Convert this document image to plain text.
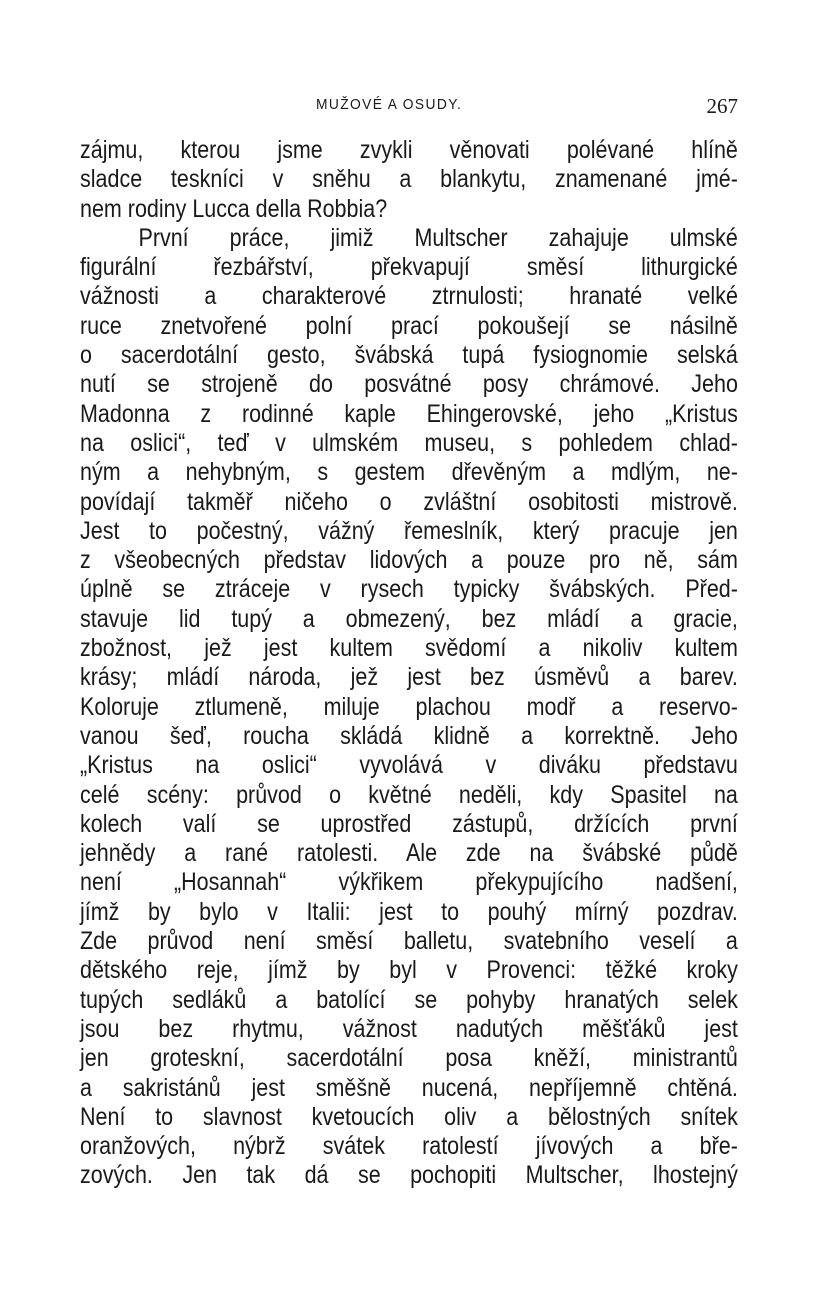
MUŽOVÉ A OSUDY.	267
zájmu, kterou jsme zvykli věnovati polévané hlíně
sladce teskníci v sněhu a blankytu, znamenané jmé-
nem rodiny Lucca della Robbia?
První práce, jimiž Multscher zahajuje ulmské
figurální řezbářství, překvapují směsí lithurgické
vážnosti a charakterové ztrnulosti; hranaté velké
ruce znetvořené polní prací pokoušejí se násilně
o sacerdotální gesto, švábská tupá fysiognomie selská
nutí se strojeně do posvátné posy chrámové. Jeho
Madonna z rodinné kaple Ehingerovské, jeho „Kristus
na oslici“, teď v ulmském museu, s pohledem chlad-
ným a nehybným, s gestem dřevěným a mdlým, ne-
povídají takměř ničeho o zvláštní osobitosti mistrově.
Jest to počestný, vážný řemeslník, který pracuje jen
z všeobecných představ lidových a pouze pro ně, sám
úplně se ztráceje v rysech typicky švábských. Před-
stavuje lid tupý a obmezený, bez mládí a gracie,
zbožnost, jež jest kultem svědomí a nikoliv kultem
krásy; mládí národa, jež jest bez úsměvů a barev.
Koloruje ztlumeně, miluje plachou modř a reservo-
vanou šeď, roucha skládá klidně a korrektně. Jeho
„Kristus na oslici“ vyvolává v diváku představu
celé scény: průvod o květné neděli, kdy Spasitel na
kolech valí se uprostřed zástupů, držících první
jehnědy a rané ratolesti. Ale zde na švábské půdě
není „Hosannah“ výkřikem překypujícího nadšení,
jímž by bylo v Italii: jest to pouhý mírný pozdrav.
Zde průvod není směsí balletu, svatebního veselí a
dětského reje, jímž by byl v Provenci: těžké kroky
tupých sedláků a batolící se pohyby hranatých selek
jsou bez rhytmu, vážnost nadutých měšťáků jest
jen groteskní, sacerdotální posa kněží, ministrantů
a sakristánů jest směšně nucená, nepříjemně chtěná.
Není to slavnost kvetoucích oliv a bělostných snítek
oranžových, nýbrž svátek ratolestí jívových a bře-
zových. Jen tak dá se pochopiti Multscher, lhostejný
